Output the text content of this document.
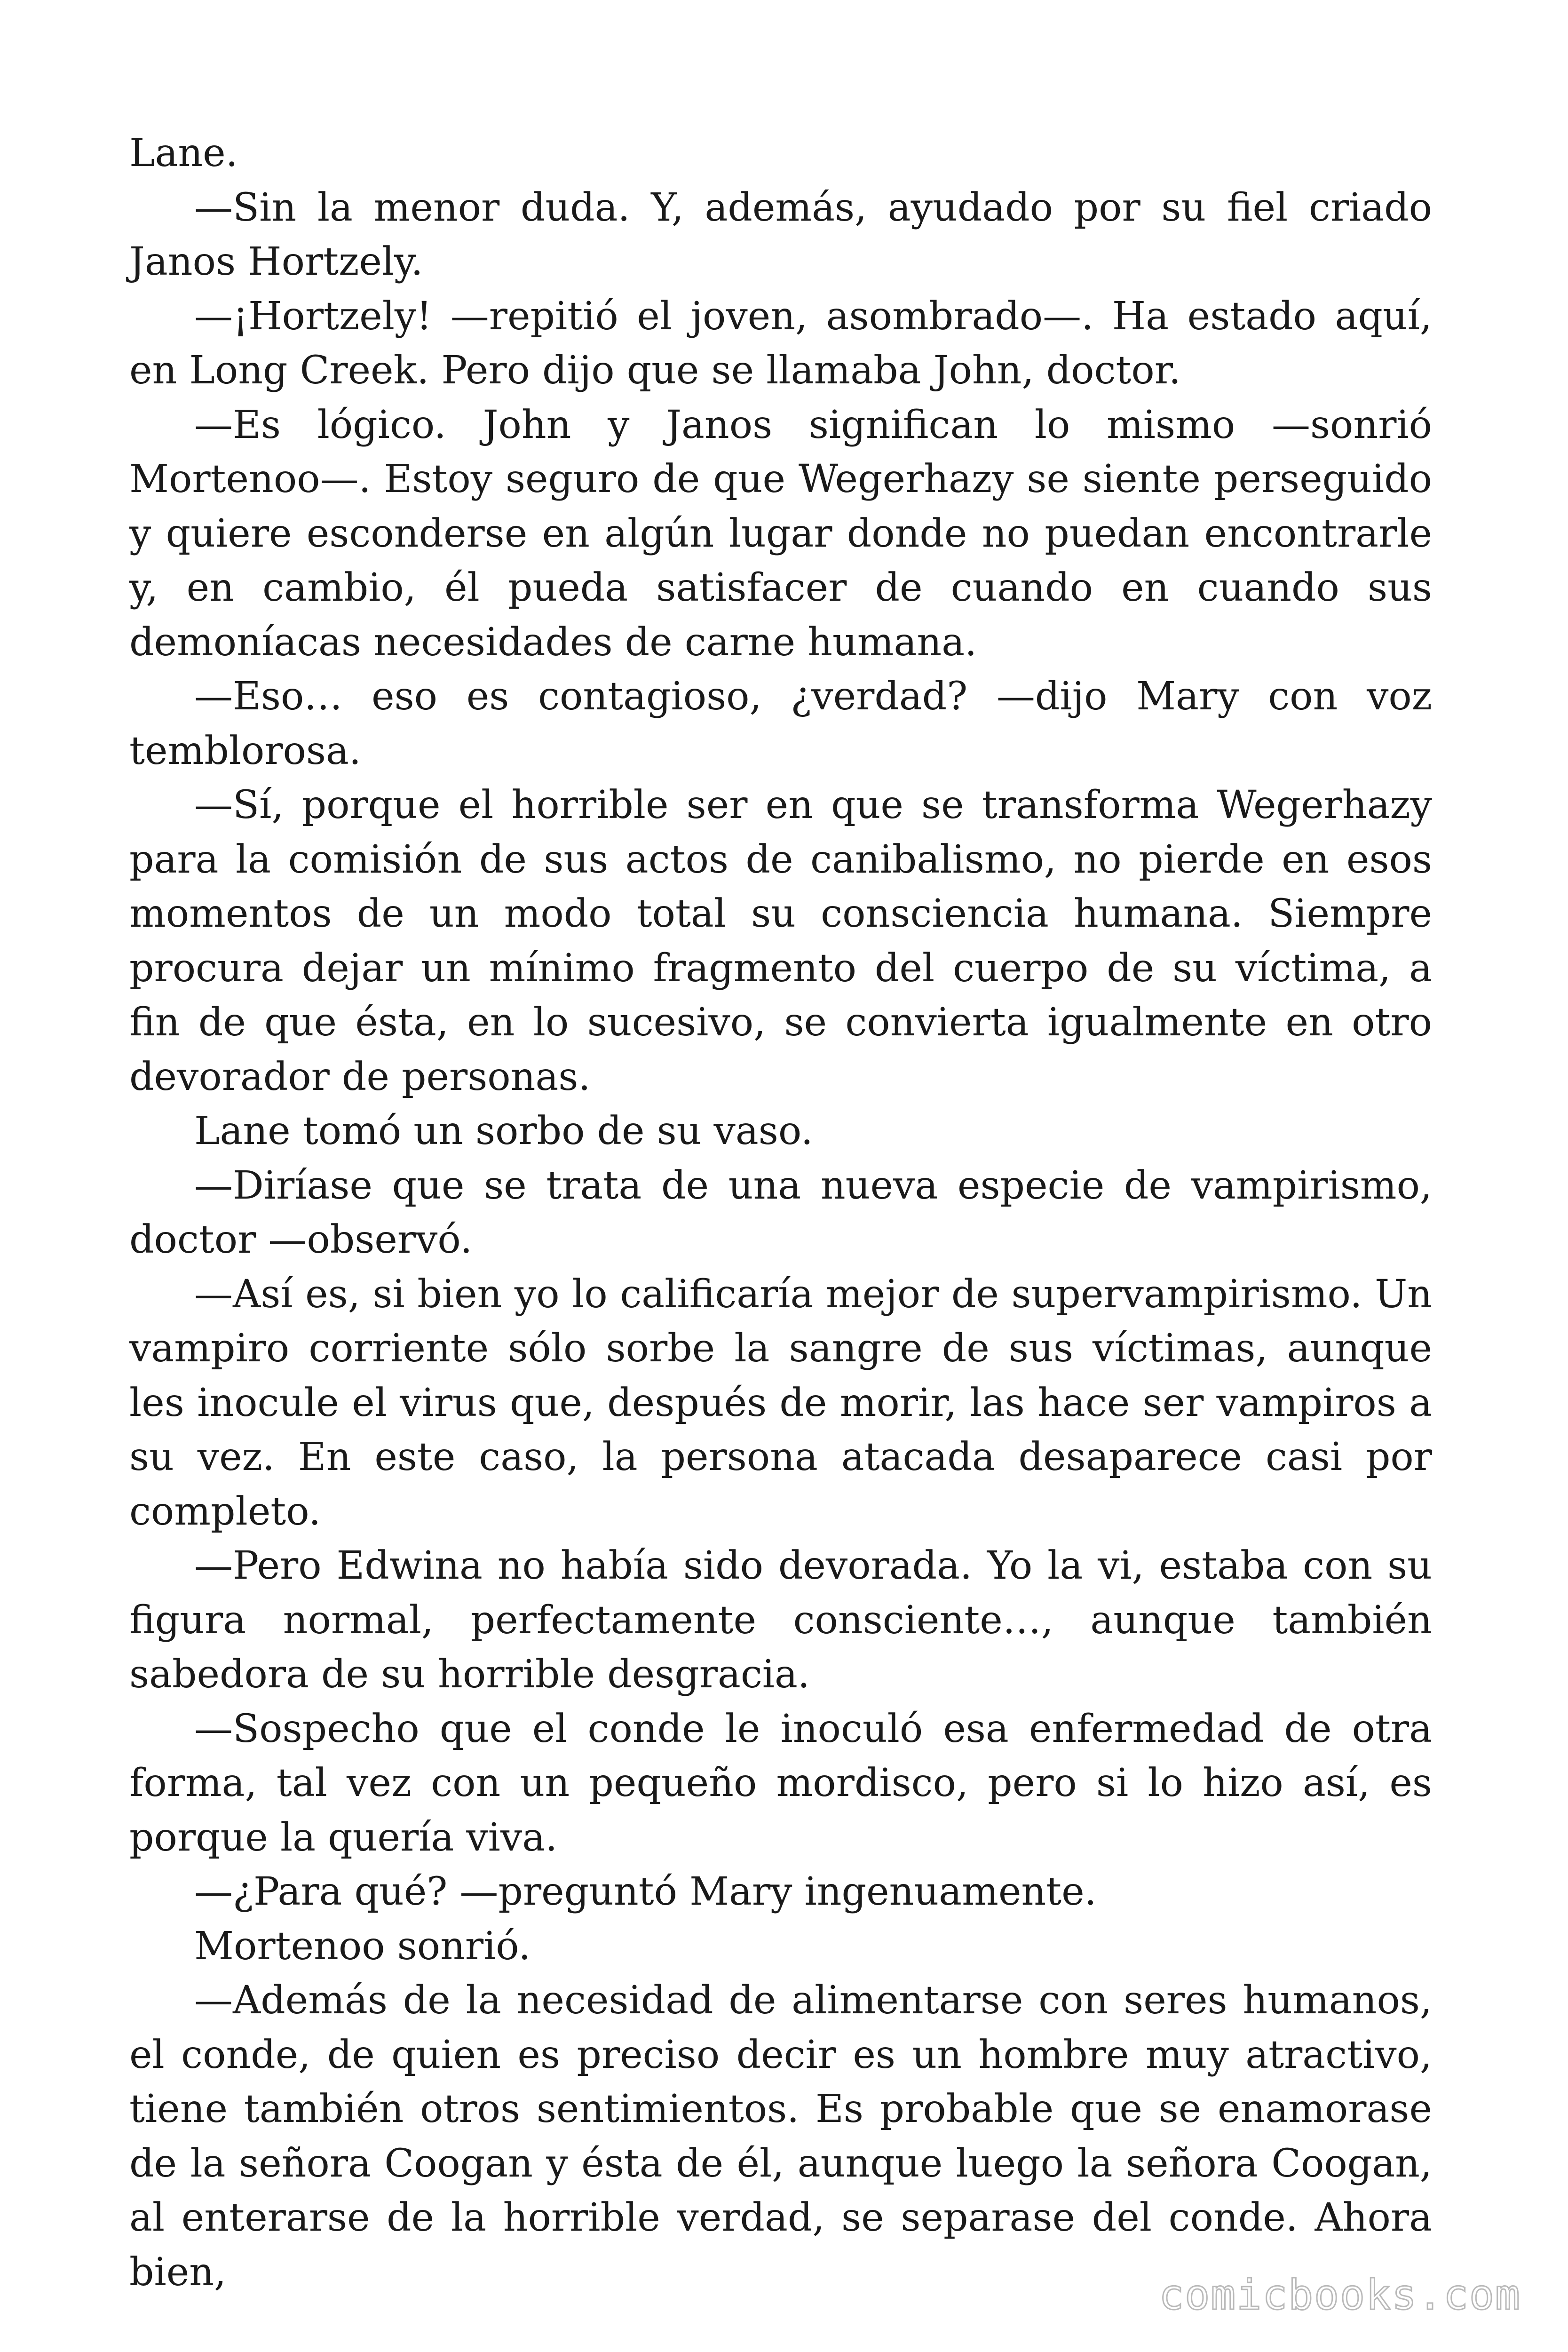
Lane.

—Sin la menor duda. Y, además, ayudado por su fiel criado Janos Hortzely.

—¡Hortzely! —repitió el joven, asombrado—. Ha estado aquí, en Long Creek. Pero dijo que se llamaba John, doctor.

—Es lógico. John y Janos significan lo mismo —sonrió Mortenoo—. Estoy seguro de que Wegerhazy se siente perseguido y quiere esconderse en algún lugar donde no puedan encontrarle y, en cambio, él pueda satisfacer de cuando en cuando sus demoníacas necesidades de carne humana.

—Eso… eso es contagioso, ¿verdad? —dijo Mary con voz temblorosa.

—Sí, porque el horrible ser en que se transforma Wegerhazy para la comisión de sus actos de canibalismo, no pierde en esos momentos de un modo total su consciencia humana. Siempre procura dejar un mínimo fragmento del cuerpo de su víctima, a fin de que ésta, en lo sucesivo, se convierta igualmente en otro devorador de personas.

Lane tomó un sorbo de su vaso.

—Diríase que se trata de una nueva especie de vampirismo, doctor —observó.

—Así es, si bien yo lo calificaría mejor de supervampirismo. Un vampiro corriente sólo sorbe la sangre de sus víctimas, aunque les inocule el virus que, después de morir, las hace ser vampiros a su vez. En este caso, la persona atacada desaparece casi por completo.

—Pero Edwina no había sido devorada. Yo la vi, estaba con su figura normal, perfectamente consciente…, aunque también sabedora de su horrible desgracia.

—Sospecho que el conde le inoculó esa enfermedad de otra forma, tal vez con un pequeño mordisco, pero si lo hizo así, es porque la quería viva.

—¿Para qué? —preguntó Mary ingenuamente.

Mortenoo sonrió.

—Además de la necesidad de alimentarse con seres humanos, el conde, de quien es preciso decir es un hombre muy atractivo, tiene también otros sentimientos. Es probable que se enamorase de la señora Coogan y ésta de él, aunque luego la señora Coogan, al enterarse de la horrible verdad, se separase del conde. Ahora bien,	comicbooks.com
